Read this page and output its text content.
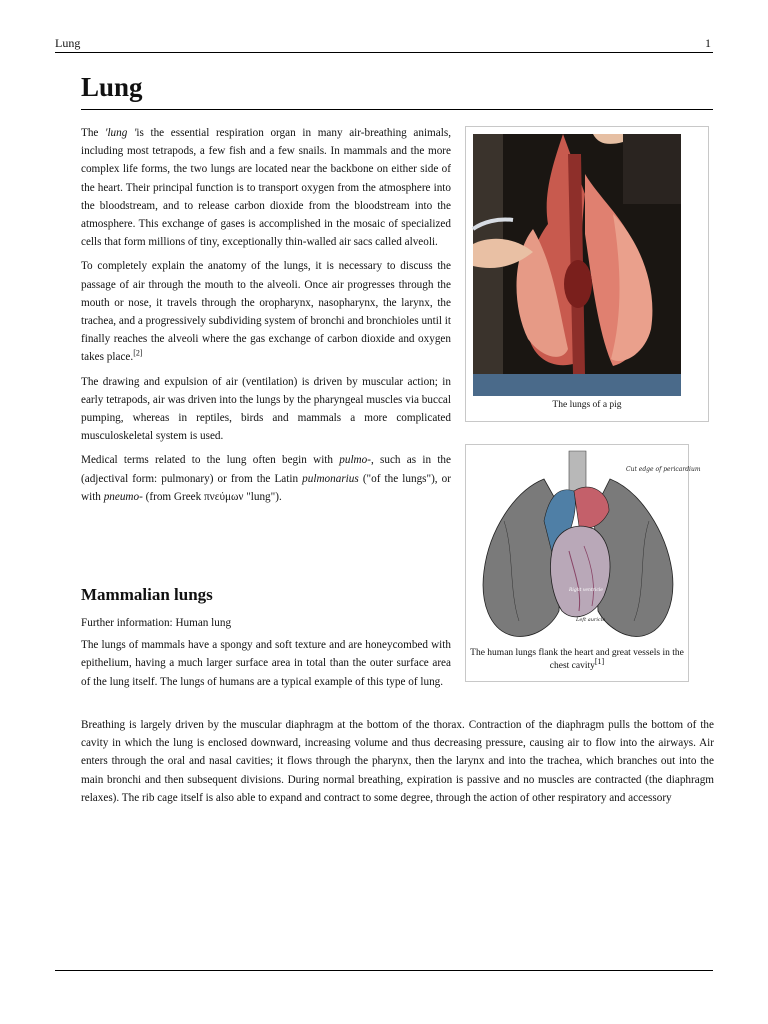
Lung	1
Lung

The 'lung 'is the essential respiration organ in many air-breathing animals, including most tetrapods, a few fish and a few snails. In mammals and the more complex life forms, the two lungs are located near the backbone on either side of the heart. Their principal function is to transport oxygen from the atmosphere into the bloodstream, and to release carbon dioxide from the bloodstream into the atmosphere. This exchange of gases is accomplished in the mosaic of specialized cells that form millions of tiny, exceptionally thin-walled air sacs called alveoli.

To completely explain the anatomy of the lungs, it is necessary to discuss the passage of air through the mouth to the alveoli. Once air progresses through the mouth or nose, it travels through the oropharynx, nasopharynx, the larynx, the trachea, and a progressively subdividing system of bronchi and bronchioles until it finally reaches the alveoli where the gas exchange of carbon dioxide and oxygen takes place.[2]

The drawing and expulsion of air (ventilation) is driven by muscular action; in early tetrapods, air was driven into the lungs by the pharyngeal muscles via buccal pumping, whereas in reptiles, birds and mammals a more complicated musculoskeletal system is used.

Medical terms related to the lung often begin with pulmo-, such as in the (adjectival form: pulmonary) or from the Latin pulmonarius ("of the lungs"), or with pneumo- (from Greek πνεύμων "lung").

Mammalian lungs

Further information: Human lung

The lungs of mammals have a spongy and soft texture and are honeycombed with epithelium, having a much larger surface area in total than the outer surface area of the lung itself. The lungs of humans are a typical example of this type of lung.

Breathing is largely driven by the muscular diaphragm at the bottom of the thorax. Contraction of the diaphragm pulls the bottom of the cavity in which the lung is enclosed downward, increasing volume and thus decreasing pressure, causing air to flow into the airways. Air enters through the oral and nasal cavities; it flows through the pharynx, then the larynx and into the trachea, which branches out into the main bronchi and then subsequent divisions. During normal breathing, expiration is passive and no muscles are contracted (the diaphragm relaxes). The rib cage itself is also able to expand and contract to some degree, through the action of other respiratory and accessory

The lungs of a pig
Cut edge of pericardium
Left auricle
Right ventricle
The human lungs flank the heart and great vessels in the chest cavity[1]
